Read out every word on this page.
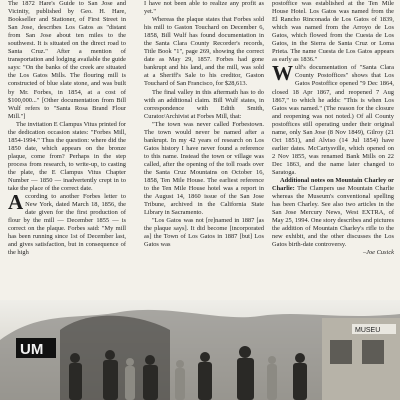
The 1872 Hare's Guide to San Jose and Vicinity, published by Geo. H. Hare, Bookseller and Stationer, of First Street in San Jose, describes Los Gatos as "distant from San Jose about ten miles to the southwest. It is situated on the direct road to Santa Cruz." After a mention of transportation and lodging available the guide says: "On the banks of the creek are situated the Los Gatos Mills. The flouring mill is constructed of blue slate stone, and was built by Mr. Forbes, in 1854, at a cost of $100,000..." [Other documentation from Bill Wulf refers to "Santa Rosa Brand Flour Mill."]

The invitation E Clampus Vitus printed for the dedication occasion states: "Forbes Mill, 1854-1994." Thus the question: where did the 1850 date, which appears on the bronze plaque, come from? Perhaps in the step process from research, to write-up, to casting the plate, the E Clampus Vitus Chapter Number — 1850 — inadvertently crept in to take the place of the correct date.

According to another Forbes letter to New York, dated March 18, 1856, the date given for the first production of flour by the mill — December 1855 — is correct on the plaque. Forbes said: "My mill has been running since 1st of December last, and gives satisfaction, but in consequence of the high

I have not been able to realize any profit as yet."

Whereas the plaque states that Forbes sold his mill to Gaston Touchard on December 6, 1858, Bill Wulf has found documentation in the Santa Clara County Recorder's records, Title Book "1", page 269, showing the correct date as May 29, 1857. Forbes had gone bankrupt and his land, and the mill, was sold at a Sheriff's Sale to his creditor, Gaston Touchard of San Francisco, for $28,613.

The final valley in this aftermath has to do with an additional claim. Bill Wulf states, in correspondence with Edith Smith, Curator/Archivist at Forbes Mill, that:

"The town was never called Forbestown. The town would never be named after a bankrupt. In my 42 years of research on Los Gatos history I have never found a reference to this name. Instead the town or village was called, after the opening of the toll roads over the Santa Cruz Mountains on October 16, 1858, Ten Mile House. The earliest reference to the Ten Mile House hotel was a report in the August 14, 1860 issue of the San Jose Tribune, archived in the California State Library in Sacramento.

"Los Gatos was not [re]named in 1887 [as the plaque says]. It did become [incorporated as] the Town of Los Gatos in 1887 [but] Los Gatos was

postoffice was established at the Ten Mile House Hotel. Los Gatos was named from the El Rancho Rinconada de Los Gatos of 1839, which was named from the Arroyo de Los Gatos, which flowed from the Cuesta de Los Gatos, in the Sierra de Santa Cruz or Loma Prieta. The name Cuesta de Los Gatos appears as early as 1836."

Wulf's documentation of "Santa Clara County Postoffices" shows that Los Gatos Postoffice opened "9 Dec 1864, closed 18 Apr 1867, and reopened 7 Aug 1867," to which he adds: "This is when Los Gatos was named." (The reason for the closure and reopening was not noted.) Of all County postoffices still operating under their original name, only San Jose (8 Nov 1849), Gilroy (21 Oct 1851), and Alviso (14 Jul 1854) have earlier dates. McCartysville, which opened on 2 Nov 1855, was renamed Bank Mills on 22 Dec 1863, and the name later changed to Saratoga.

Additional notes on Mountain Charley or Charlie: The Clampers use Mountain Charlie whereas the Museum's conventional spelling has been Charley. See also two articles in the San Jose Mercury News, West EXTRA, of May 25, 1994. One story describes and pictures the addition of Mountain Charley's rifle to the new exhibit, and the other discusses the Los Gatos birth-date controversy.

–Joe Cusick

UM
MUSEU
